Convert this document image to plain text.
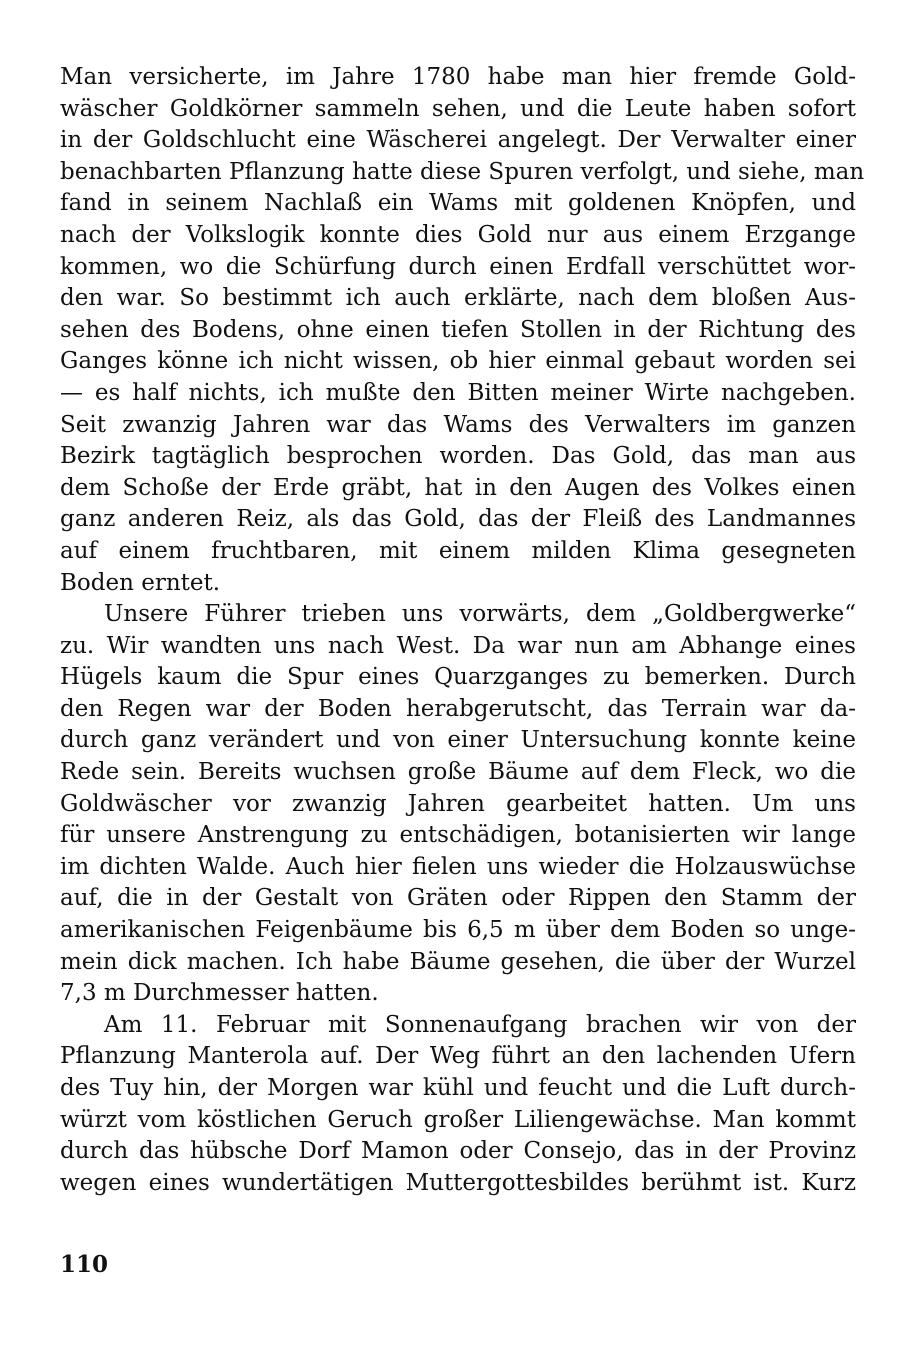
Man versicherte, im Jahre 1780 habe man hier fremde Gold-
wäscher Goldkörner sammeln sehen, und die Leute haben sofort
in der Goldschlucht eine Wäscherei angelegt. Der Verwalter einer
benachbarten Pflanzung hatte diese Spuren verfolgt, und siehe, man
fand in seinem Nachlaß ein Wams mit goldenen Knöpfen, und
nach der Volkslogik konnte dies Gold nur aus einem Erzgange
kommen, wo die Schürfung durch einen Erdfall verschüttet wor-
den war. So bestimmt ich auch erklärte, nach dem bloßen Aus-
sehen des Bodens, ohne einen tiefen Stollen in der Richtung des
Ganges könne ich nicht wissen, ob hier einmal gebaut worden sei
— es half nichts, ich mußte den Bitten meiner Wirte nachgeben.
Seit zwanzig Jahren war das Wams des Verwalters im ganzen
Bezirk tagtäglich besprochen worden. Das Gold, das man aus
dem Schoße der Erde gräbt, hat in den Augen des Volkes einen
ganz anderen Reiz, als das Gold, das der Fleiß des Landmannes
auf einem fruchtbaren, mit einem milden Klima gesegneten
Boden erntet.
Unsere Führer trieben uns vorwärts, dem „Goldbergwerke“
zu. Wir wandten uns nach West. Da war nun am Abhange eines
Hügels kaum die Spur eines Quarzganges zu bemerken. Durch
den Regen war der Boden herabgerutscht, das Terrain war da-
durch ganz verändert und von einer Untersuchung konnte keine
Rede sein. Bereits wuchsen große Bäume auf dem Fleck, wo die
Goldwäscher vor zwanzig Jahren gearbeitet hatten. Um uns
für unsere Anstrengung zu entschädigen, botanisierten wir lange
im dichten Walde. Auch hier fielen uns wieder die Holzauswüchse
auf, die in der Gestalt von Gräten oder Rippen den Stamm der
amerikanischen Feigenbäume bis 6,5 m über dem Boden so unge-
mein dick machen. Ich habe Bäume gesehen, die über der Wurzel
7,3 m Durchmesser hatten.
Am 11. Februar mit Sonnenaufgang brachen wir von der
Pflanzung Manterola auf. Der Weg führt an den lachenden Ufern
des Tuy hin, der Morgen war kühl und feucht und die Luft durch-
würzt vom köstlichen Geruch großer Liliengewächse. Man kommt
durch das hübsche Dorf Mamon oder Consejo, das in der Provinz
wegen eines wundertätigen Muttergottesbildes berühmt ist. Kurz
110
